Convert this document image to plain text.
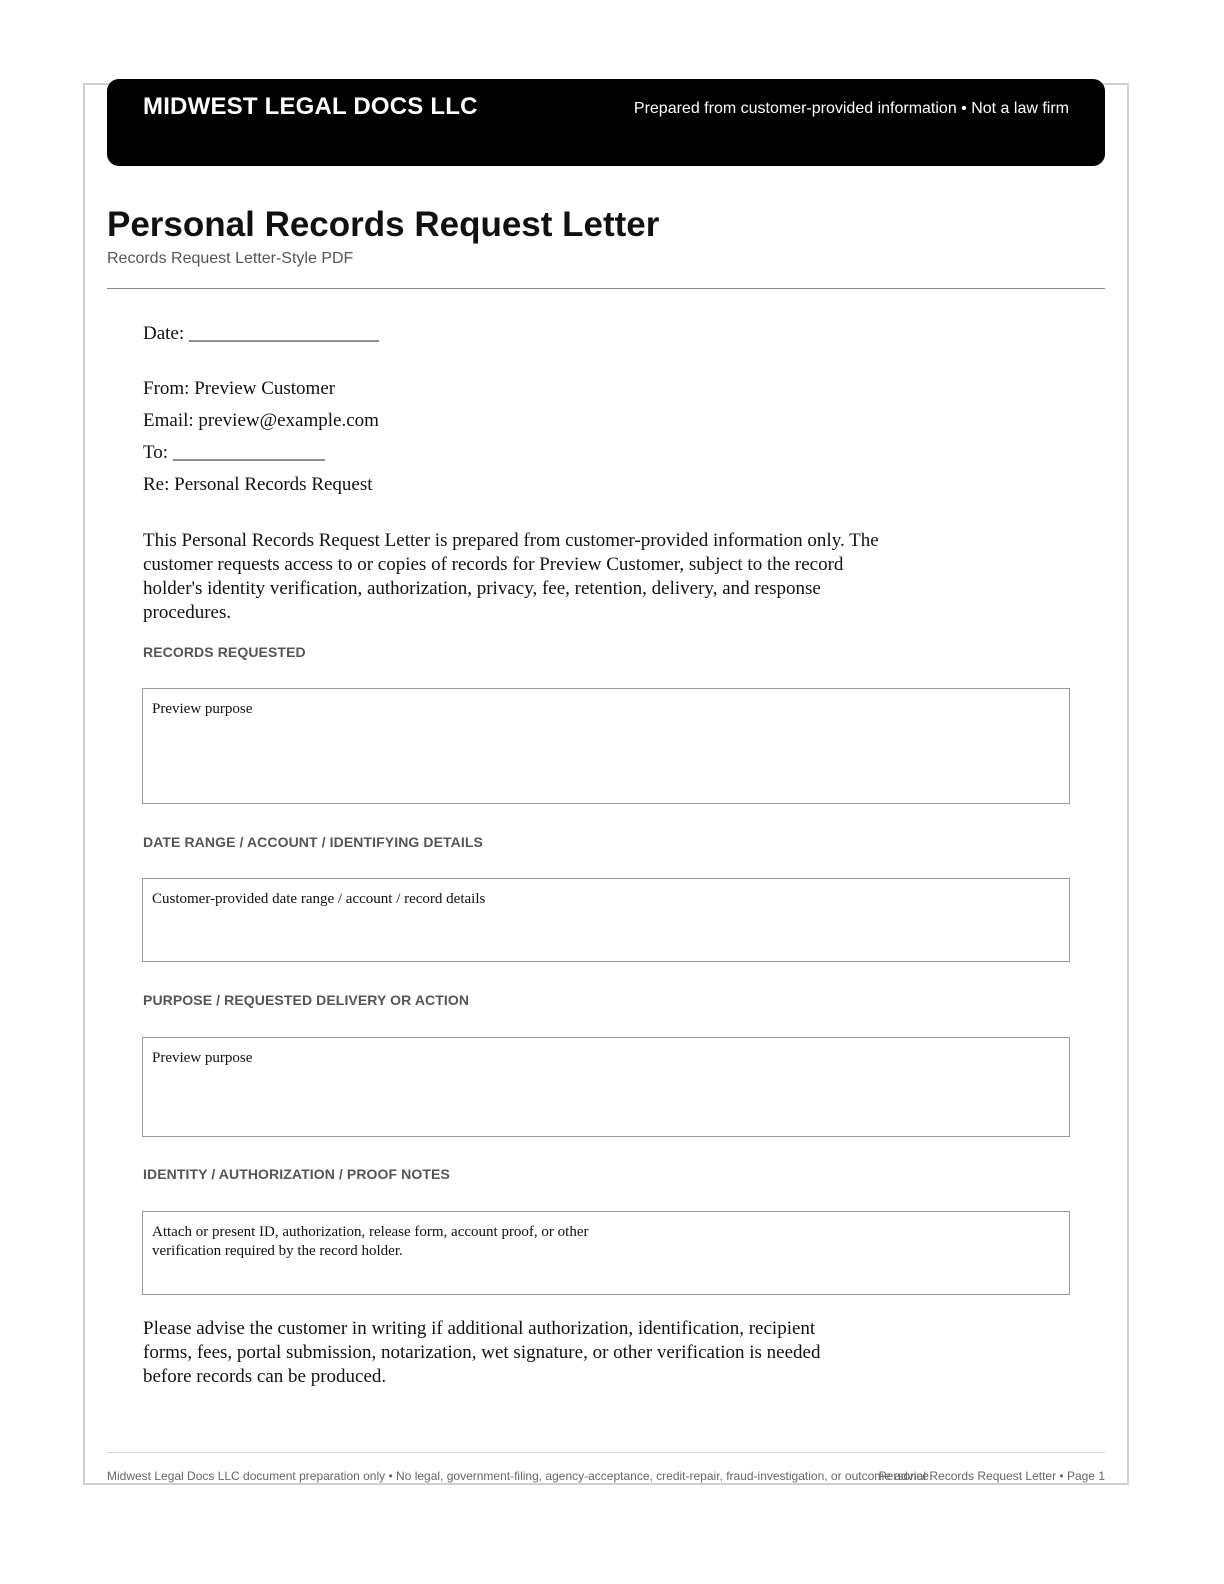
MIDWEST LEGAL DOCS LLC	Prepared from customer-provided information • Not a law firm
Personal Records Request Letter
Records Request Letter-Style PDF
Date: ____________________
From: Preview Customer
Email: preview@example.com
To: ________________
Re: Personal Records Request

This Personal Records Request Letter is prepared from customer-provided information only. The customer requests access to or copies of records for Preview Customer, subject to the record holder's identity verification, authorization, privacy, fee, retention, delivery, and response procedures.

RECORDS REQUESTED
Preview purpose
DATE RANGE / ACCOUNT / IDENTIFYING DETAILS
Customer-provided date range / account / record details
PURPOSE / REQUESTED DELIVERY OR ACTION
Preview purpose
IDENTITY / AUTHORIZATION / PROOF NOTES
Attach or present ID, authorization, release form, account proof, or other verification required by the record holder.

Please advise the customer in writing if additional authorization, identification, recipient forms, fees, portal submission, notarization, wet signature, or other verification is needed before records can be produced.

Midwest Legal Docs LLC document preparation only • No legal, government-filing, agency-acceptance, credit-repair, fraud-investigation, or outcome advice.
Personal Records Request Letter • Page 1
